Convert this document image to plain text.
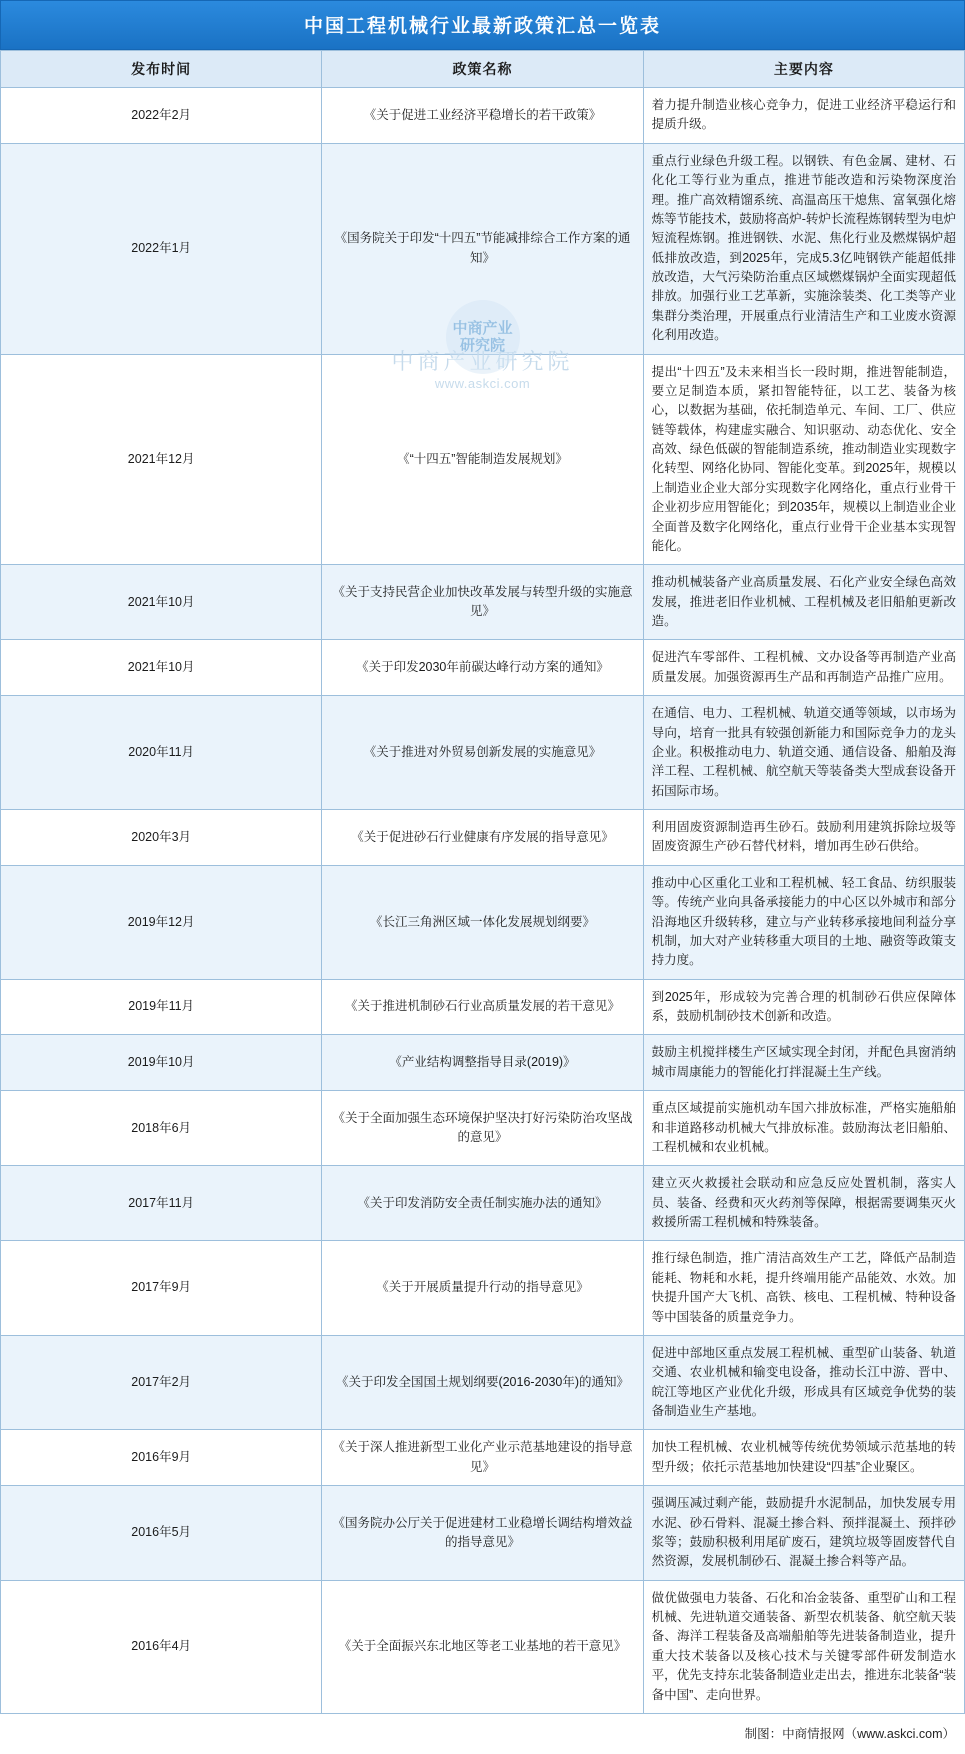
中国工程机械行业最新政策汇总一览表
中商产业研究院
www.askci.com
中商产业研究院
发布时间	政策名称	主要内容
2022年2月	《关于促进工业经济平稳增长的若干政策》	着力提升制造业核心竞争力，促进工业经济平稳运行和提质升级。
2022年1月	《国务院关于印发“十四五”节能减排综合工作方案的通知》	重点行业绿色升级工程。以钢铁、有色金属、建材、石化化工等行业为重点，推进节能改造和污染物深度治理。推广高效精馏系统、高温高压干熄焦、富氧强化熔炼等节能技术，鼓励将高炉-转炉长流程炼钢转型为电炉短流程炼钢。推进钢铁、水泥、焦化行业及燃煤锅炉超低排放改造，到2025年，完成5.3亿吨钢铁产能超低排放改造，大气污染防治重点区域燃煤锅炉全面实现超低排放。加强行业工艺革新，实施涂装类、化工类等产业集群分类治理，开展重点行业清洁生产和工业废水资源化利用改造。
2021年12月	《“十四五”智能制造发展规划》	提出“十四五”及未来相当长一段时期，推进智能制造，要立足制造本质，紧扣智能特征，以工艺、装备为核心，以数据为基础，依托制造单元、车间、工厂、供应链等载体，构建虚实融合、知识驱动、动态优化、安全高效、绿色低碳的智能制造系统，推动制造业实现数字化转型、网络化协同、智能化变革。到2025年，规模以上制造业企业大部分实现数字化网络化，重点行业骨干企业初步应用智能化；到2035年，规模以上制造业企业全面普及数字化网络化，重点行业骨干企业基本实现智能化。
2021年10月	《关于支持民营企业加快改革发展与转型升级的实施意见》	推动机械装备产业高质量发展、石化产业安全绿色高效发展，推进老旧作业机械、工程机械及老旧船舶更新改造。
2021年10月	《关于印发2030年前碳达峰行动方案的通知》	促进汽车零部件、工程机械、文办设备等再制造产业高质量发展。加强资源再生产品和再制造产品推广应用。
2020年11月	《关于推进对外贸易创新发展的实施意见》	在通信、电力、工程机械、轨道交通等领域，以市场为导向，培育一批具有较强创新能力和国际竞争力的龙头企业。积极推动电力、轨道交通、通信设备、船舶及海洋工程、工程机械、航空航天等装备类大型成套设备开拓国际市场。
2020年3月	《关于促进砂石行业健康有序发展的指导意见》	利用固废资源制造再生砂石。鼓励利用建筑拆除垃圾等固废资源生产砂石替代材料，增加再生砂石供给。
2019年12月	《长江三角洲区域一体化发展规划纲要》	推动中心区重化工业和工程机械、轻工食品、纺织服装等。传统产业向具备承接能力的中心区以外城市和部分沿海地区升级转移，建立与产业转移承接地间利益分享机制，加大对产业转移重大项目的土地、融资等政策支持力度。
2019年11月	《关于推进机制砂石行业高质量发展的若干意见》	到2025年，形成较为完善合理的机制砂石供应保障体系，鼓励机制砂技术创新和改造。
2019年10月	《产业结构调整指导目录(2019)》	鼓励主机搅拌楼生产区域实现全封闭，并配色具窗消纳城市周康能力的智能化打拌混凝土生产线。
2018年6月	《关于全面加强生态环境保护坚决打好污染防治攻坚战的意见》	重点区域提前实施机动车国六排放标准，严格实施船舶和非道路移动机械大气排放标准。鼓励海汰老旧船舶、工程机械和农业机械。
2017年11月	《关于印发消防安全责任制实施办法的通知》	建立灭火救援社会联动和应急反应处置机制，落实人员、装备、经费和灭火药剂等保障，根据需要调集灭火救援所需工程机械和特殊装备。
2017年9月	《关于开展质量提升行动的指导意见》	推行绿色制造，推广清洁高效生产工艺，降低产品制造能耗、物耗和水耗，提升终端用能产品能效、水效。加快提升国产大飞机、高铁、核电、工程机械、特种设备等中国装备的质量竞争力。
2017年2月	《关于印发全国国土规划纲要(2016-2030年)的通知》	促进中部地区重点发展工程机械、重型矿山装备、轨道交通、农业机械和输变电设备，推动长江中游、晋中、皖江等地区产业优化升级，形成具有区域竞争优势的装备制造业生产基地。
2016年9月	《关于深人推进新型工业化产业示范基地建设的指导意见》	加快工程机械、农业机械等传统优势领域示范基地的转型升级；依托示范基地加快建设“四基”企业聚区。
2016年5月	《国务院办公厅关于促进建材工业稳增长调结构增效益的指导意见》	强调压减过剩产能，鼓励提升水泥制品，加快发展专用水泥、砂石骨料、混凝土掺合料、预拌混凝土、预拌砂浆等；鼓励积极利用尾矿废石，建筑垃圾等固废替代自然资源，发展机制砂石、混凝土掺合料等产品。
2016年4月	《关于全面振兴东北地区等老工业基地的若干意见》	做优做强电力装备、石化和冶金装备、重型矿山和工程机械、先进轨道交通装备、新型农机装备、航空航天装备、海洋工程装备及高端船舶等先进装备制造业，提升重大技术装备以及核心技术与关键零部件研发制造水平，优先支持东北装备制造业走出去，推进东北装备“装备中国”、走向世界。
制图：中商情报网（www.askci.com）
